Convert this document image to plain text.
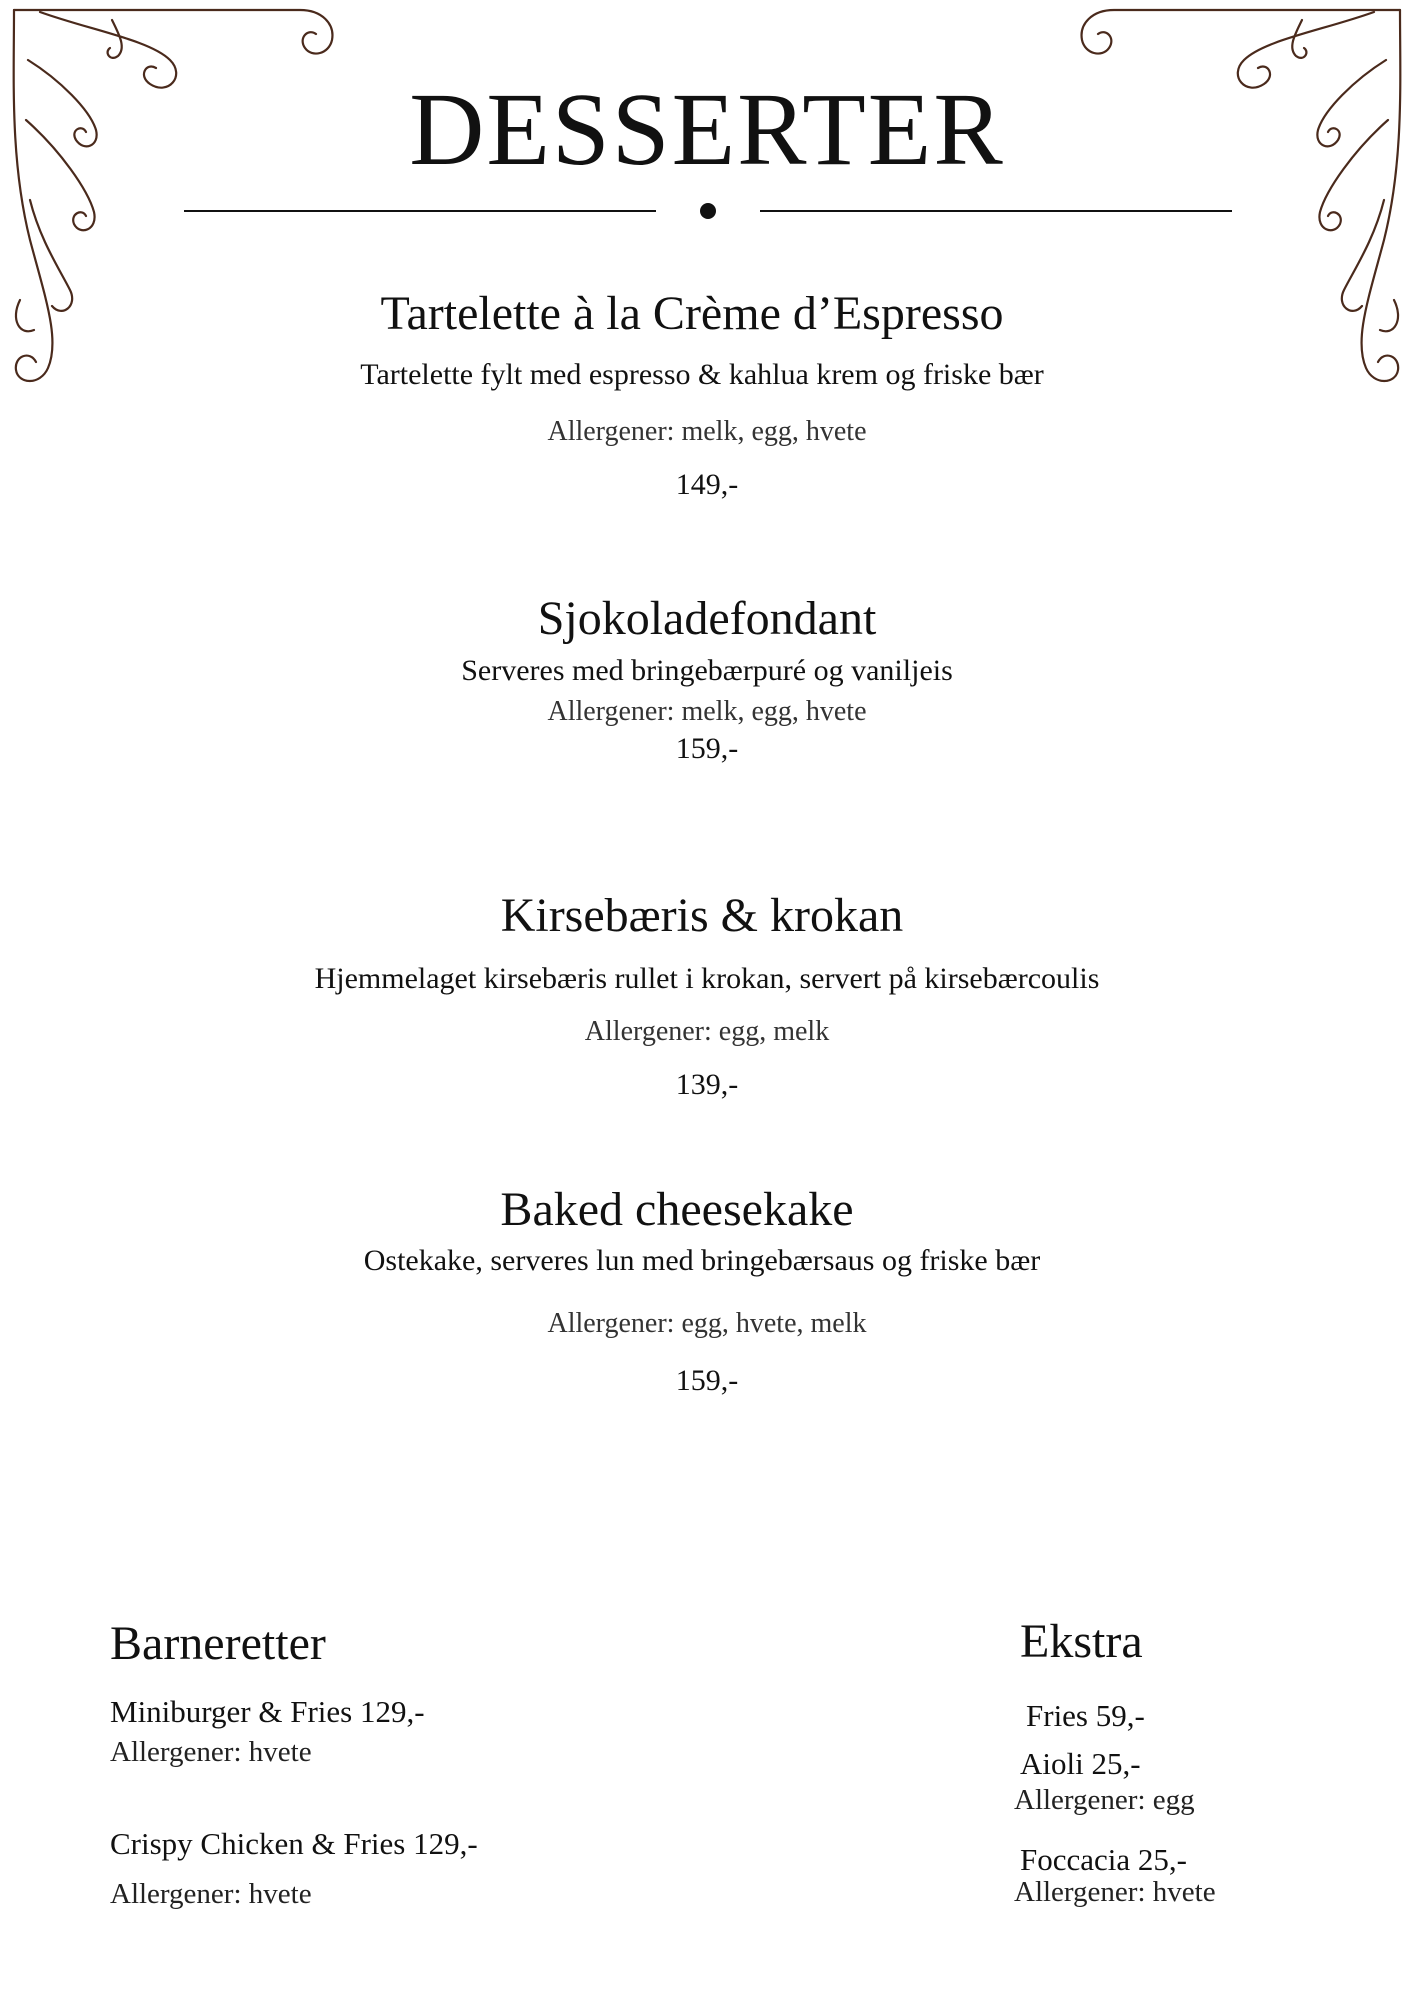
DESSERTER
Tartelette à la Crème d’Espresso
Tartelette fylt med espresso & kahlua krem og friske bær
Allergener: melk, egg, hvete
149,-
Sjokoladefondant
Serveres med bringebærpuré og vaniljeis
Allergener: melk, egg, hvete
159,-
Kirsebæris & krokan
Hjemmelaget kirsebæris rullet i krokan, servert på kirsebærcoulis
Allergener: egg, melk
139,-
Baked cheesekake
Ostekake, serveres lun med bringebærsaus og friske bær
Allergener: egg, hvete, melk
159,-
Barneretter
Miniburger & Fries 129,-
Allergener: hvete
Crispy Chicken & Fries 129,-
Allergener: hvete
Ekstra
Fries 59,-
Aioli 25,-
Allergener: egg
Foccacia 25,-
Allergener: hvete
